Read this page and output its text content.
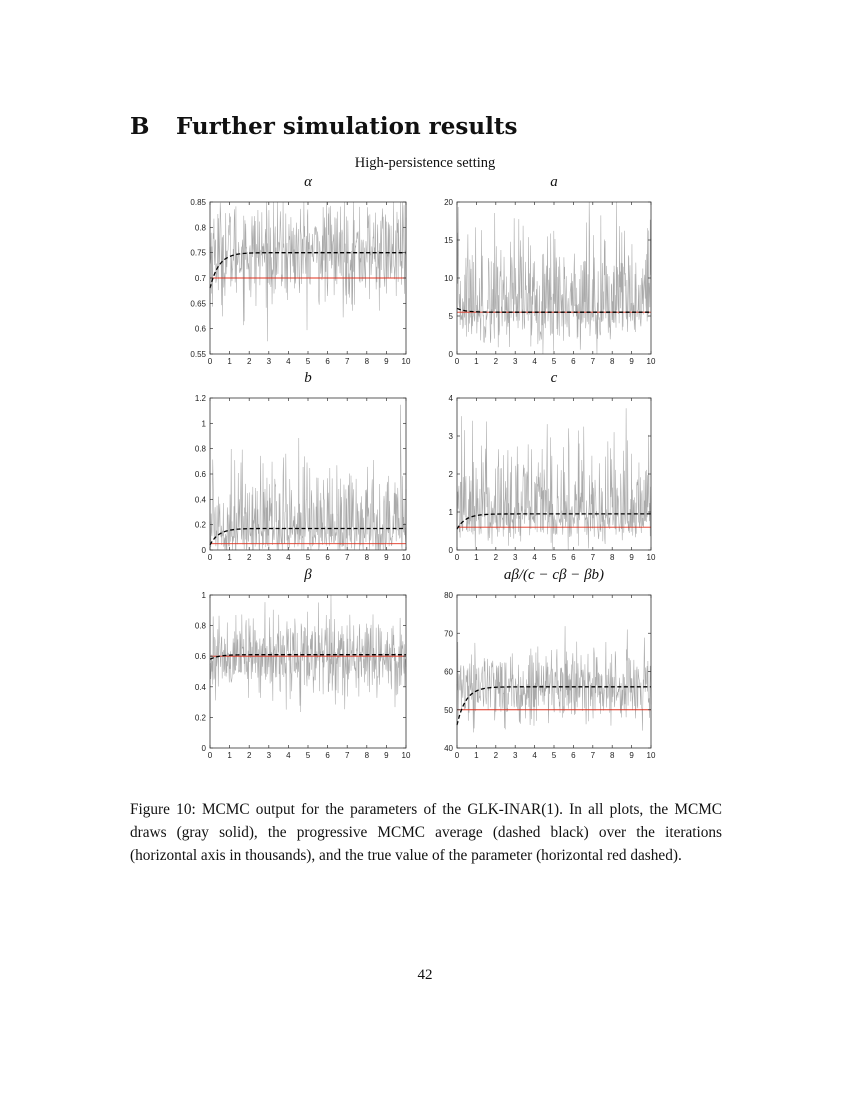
B Further simulation results
High-persistence setting
α	a
b	c
β	aβ/(c − cβ − βb)
0 1 2 3 4 5 6 7 8 9 10
0.55
0.6
0.65
0.7
0.75
0.8
0.85
0 1 2 3 4 5 6 7 8 9 10
0
5
10
15
20
0 1 2 3 4 5 6 7 8 9 10
0
0.2
0.4
0.6
0.8
1
1.2
0 1 2 3 4 5 6 7 8 9 10
0
1
2
3
4
0 1 2 3 4 5 6 7 8 9 10
0
0.2
0.4
0.6
0.8
1
0 1 2 3 4 5 6 7 8 9 10
40
50
60
70
80
Figure 10: MCMC output for the parameters of the GLK-INAR(1). In all plots, the MCMC draws (gray solid), the progressive MCMC average (dashed black) over the iterations (horizontal axis in thousands), and the true value of the parameter (horizontal red dashed).
42
